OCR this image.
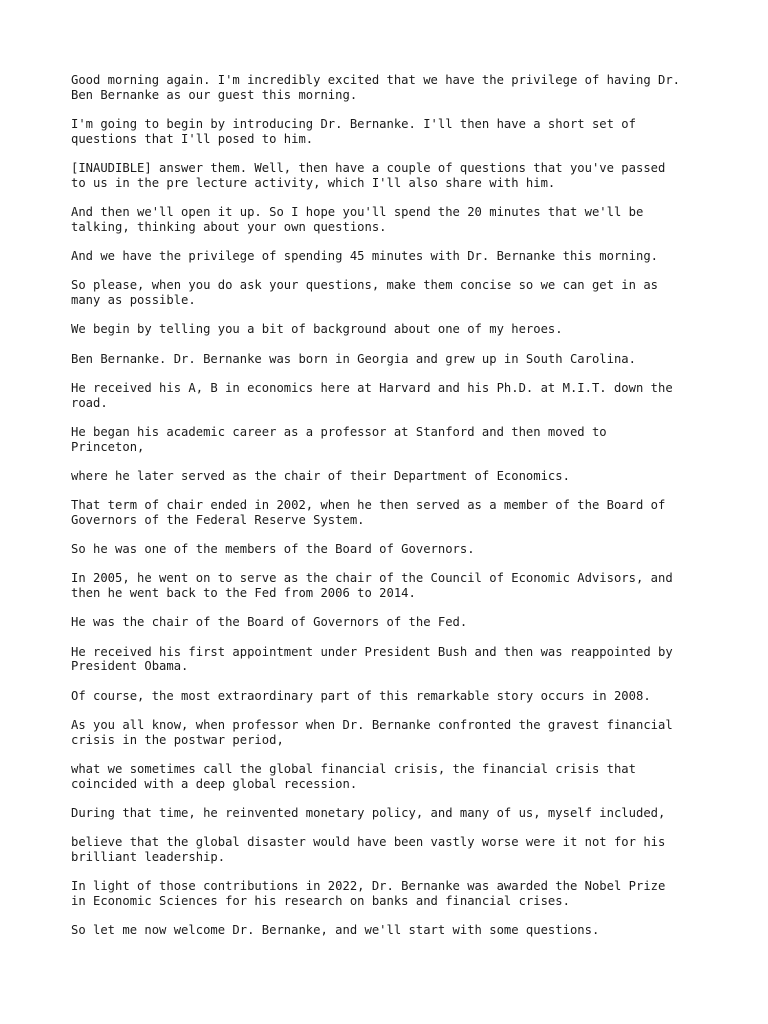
Good morning again. I'm incredibly excited that we have the privilege of having Dr.
Ben Bernanke as our guest this morning.

I'm going to begin by introducing Dr. Bernanke. I'll then have a short set of
questions that I'll posed to him.

[INAUDIBLE] answer them. Well, then have a couple of questions that you've passed
to us in the pre lecture activity, which I'll also share with him.

And then we'll open it up. So I hope you'll spend the 20 minutes that we'll be
talking, thinking about your own questions.

And we have the privilege of spending 45 minutes with Dr. Bernanke this morning.

So please, when you do ask your questions, make them concise so we can get in as
many as possible.

We begin by telling you a bit of background about one of my heroes.

Ben Bernanke. Dr. Bernanke was born in Georgia and grew up in South Carolina.

He received his A, B in economics here at Harvard and his Ph.D. at M.I.T. down the
road.

He began his academic career as a professor at Stanford and then moved to
Princeton,

where he later served as the chair of their Department of Economics.

That term of chair ended in 2002, when he then served as a member of the Board of
Governors of the Federal Reserve System.

So he was one of the members of the Board of Governors.

In 2005, he went on to serve as the chair of the Council of Economic Advisors, and
then he went back to the Fed from 2006 to 2014.

He was the chair of the Board of Governors of the Fed.

He received his first appointment under President Bush and then was reappointed by
President Obama.

Of course, the most extraordinary part of this remarkable story occurs in 2008.

As you all know, when professor when Dr. Bernanke confronted the gravest financial
crisis in the postwar period,

what we sometimes call the global financial crisis, the financial crisis that
coincided with a deep global recession.

During that time, he reinvented monetary policy, and many of us, myself included,

believe that the global disaster would have been vastly worse were it not for his
brilliant leadership.

In light of those contributions in 2022, Dr. Bernanke was awarded the Nobel Prize
in Economic Sciences for his research on banks and financial crises.

So let me now welcome Dr. Bernanke, and we'll start with some questions.
